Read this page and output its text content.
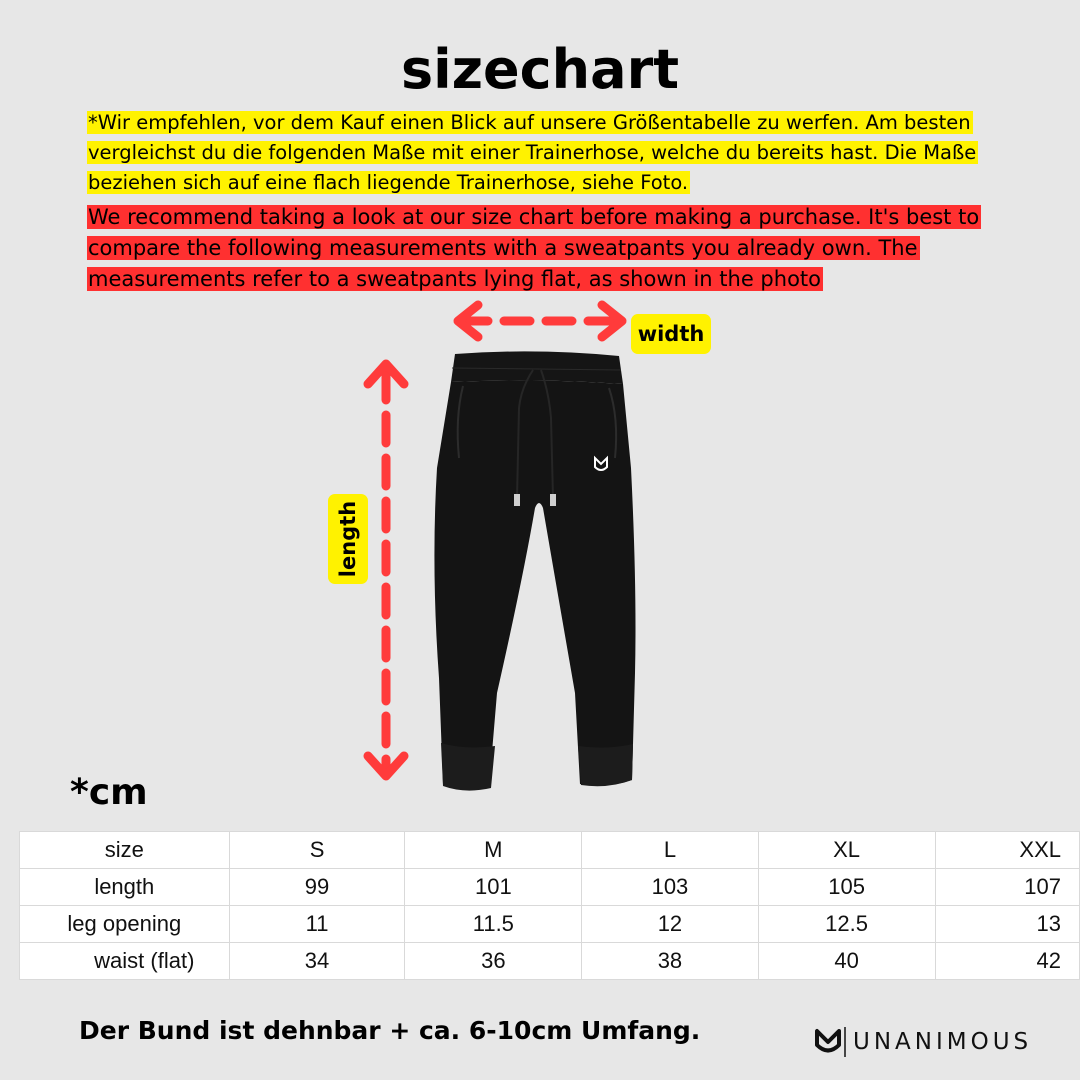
sizechart
*Wir empfehlen, vor dem Kauf einen Blick auf unsere Größentabelle zu werfen. Am besten vergleichst du die folgenden Maße mit einer Trainerhose, welche du bereits hast. Die Maße beziehen sich auf eine flach liegende Trainerhose, siehe Foto.
We recommend taking a look at our size chart before making a purchase. It's best to compare the following measurements with a sweatpants you already own. The measurements refer to a sweatpants lying flat, as shown in the photo
width
length
*cm
size	S	M	L	XL	XXL
length	99	101	103	105	107
leg opening	11	11.5	12	12.5	13
waist (flat)	34	36	38	40	42
Der Bund ist dehnbar + ca. 6-10cm Umfang.	UNANIMOUS
